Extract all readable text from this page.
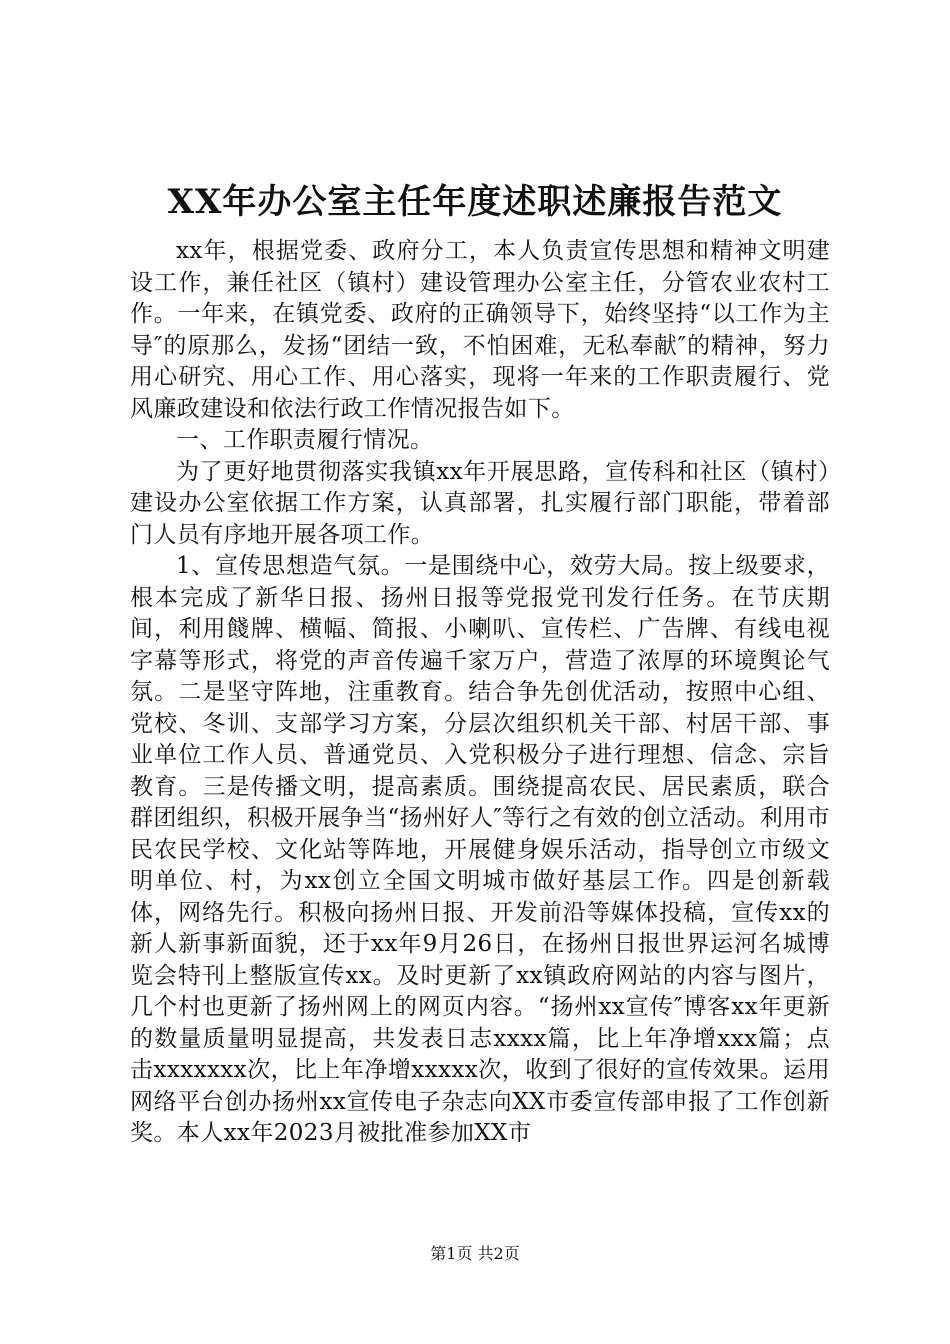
XX年办公室主任年度述职述廉报告范文

xx年，根据党委、政府分工，本人负责宣传思想和精神文明建设工作，兼任社区（镇村）建设管理办公室主任，分管农业农村工作。一年来，在镇党委、政府的正确领导下，始终坚持“以工作为主导″的原那么，发扬“团结一致，不怕困难，无私奉献″的精神，努力用心研究、用心工作、用心落实，现将一年来的工作职责履行、党风廉政建设和依法行政工作情况报告如下。

一、工作职责履行情况。

为了更好地贯彻落实我镇xx年开展思路，宣传科和社区（镇村）建设办公室依据工作方案，认真部署，扎实履行部门职能，带着部门人员有序地开展各项工作。

1、宣传思想造气氛。一是围绕中心，效劳大局。按上级要求，根本完成了新华日报、扬州日报等党报党刊发行任务。在节庆期间，利用餞牌、横幅、简报、小喇叭、宣传栏、广告牌、有线电视字幕等形式，将党的声音传遍千家万户，营造了浓厚的环境舆论气氛。二是坚守阵地，注重教育。结合争先创优活动，按照中心组、党校、冬训、支部学习方案，分层次组织机关干部、村居干部、事业单位工作人员、普通党员、入党积极分子进行理想、信念、宗旨教育。三是传播文明，提高素质。围绕提高农民、居民素质，联合群团组织，积极开展争当“扬州好人″等行之有效的创立活动。利用市民农民学校、文化站等阵地，开展健身娱乐活动，指导创立市级文明单位、村，为xx创立全国文明城市做好基层工作。四是创新载体，网络先行。积极向扬州日报、开发前沿等媒体投稿，宣传xx的新人新事新面貌，还于xx年9月26日，在扬州日报世界运河名城博览会特刊上整版宣传xx。及时更新了xx镇政府网站的内容与图片，几个村也更新了扬州网上的网页内容。“扬州xx宣传″博客xx年更新的数量质量明显提高，共发表日志xxxx篇，比上年净增xxx篇；点击xxxxxxx次，比上年净增xxxxx次，收到了很好的宣传效果。运用网络平台创办扬州xx宣传电子杂志向XX市委宣传部申报了工作创新奖。本人xx年2023月被批准参加XX市

第1页 共2页
